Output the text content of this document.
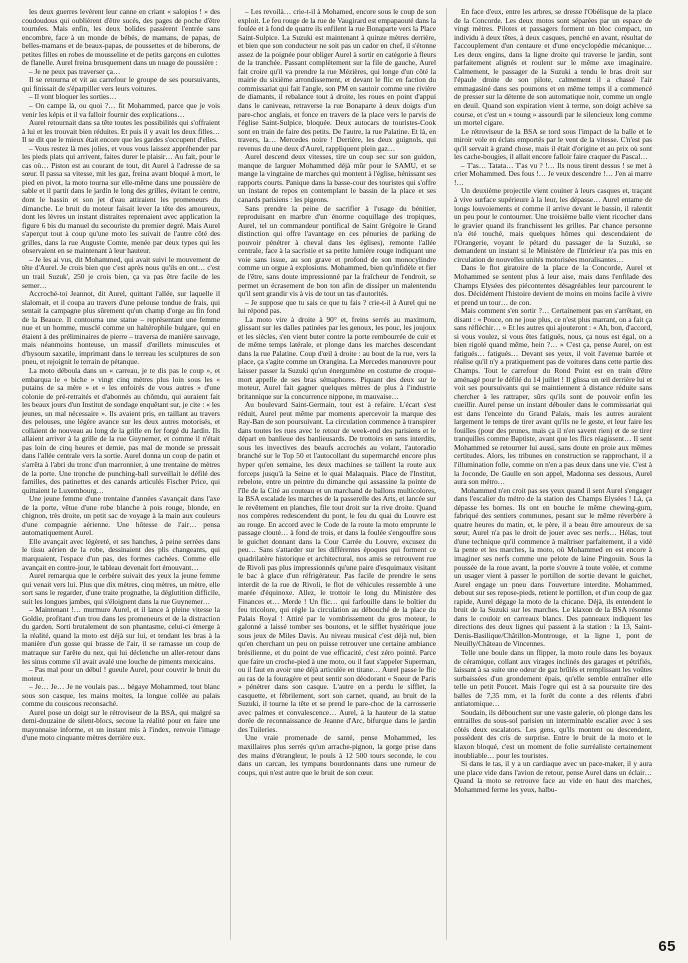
les deux guerres levèrent leur canne en criant « salopios ! » des coudoudous qui oublièrent d'être sucés, des pages de poche d'être tournées. Mais enfin, les deux bolides passèrent l'entrée sans encombre, face à un monde de bébés, de mamans, de papas, de belles-mamans et de beaux-papas, de poussettes et de biberons, de petites filles en robes de mousseline et de petits garçons en culottes de flanelle. Aurel freina brusquement dans un nuage de poussière :

– Je ne peux pas traverser ça…

Il se retourna et vit au carrefour le groupe de ses poursuivants, qui finissait de s'éparpiller vers leurs voitures.

– Il vont bloquer les sorties…

– On campe là, ou quoi ?… fit Mohammed, parce que je vois venir les képis et il va falloir fournir des explications…

Aurel retournait dans sa tête toutes les possibilités qui s'offraient à lui et les trouvait bien réduites. Et puis il y avait les deux filles… Il se dit que le mieux était encore que les gardes s'occupent d'elles.

– Vous restez là mes jolies, et vous vous laissez appréhender par les pieds plats qui arrivent, faites durer le plaisir… Au fait, pour le cas où… Piston est au courant de tout, dit Aurel à l'adresse de sa sœur. Il passa sa vitesse, mit les gaz, freina avant bloqué à mort, le pied en pivot, la moto tourna sur elle-même dans une poussière de sable et il partit dans le jardin le long des grilles, évitant le centre, dont le bassin et son jet d'eau attiraient les promeneurs du dimanche. Le bruit du moteur faisait lever la tête des amoureux, dont les lèvres un instant distraites reprenaient avec application la figure 6 bis du manuel du secouriste du premier degré. Mais Aurel s'aperçut tout à coup qu'une moto les suivait de l'autre côté des grilles, dans la rue Auguste Comte, menée par deux types qui les observaient en se maintenant à leur hauteur.

– Je les ai vus, dit Mohammed, qui avait suivi le mouvement de tête d'Aurel. Je crois bien que c'est après nous qu'ils en ont… c'est un trail Suzuk', 250 je crois bien, ça va pas être facile de les semer…

Accroché-toi Jeannot, dit Aurel, quittant l'allée, sur laquelle il slalomait, et il coupa au travers d'une pelouse tondue de frais, qui sentait la campagne plus sûrement qu'un champ d'orge au fin fond de la Beauce. Il contourna une statue – représentant une femme nue et un homme, musclé comme un haltérophile bulgare, qui en étaient à des préliminaires de pierre – traversa de manière sauvage, mais néanmoins honteuse, un massif d'œillets minuscules et d'hysoum saxatile, imprimant dans le terreau les sculptures de son pneu, et rejoignit le terrain de pétanque.

La moto déboula dans un « carreau, je te dis pas le coup », et embarqua le « biche » vingt cinq mètres plus loin sous les « putains de sa mère » et « les enfoirés de vous autres » d'une colonie de pré-retraités et d'abonnés au chômdu, qui auraient fait les beaux jours d'un Institut de sondage enquêtant sur, je cite : « les jeunes, un mal nécessaire ». Ils avaient pris, en taillant au travers des pelouses, une légère avance sur les deux autres motorisés, et collaient de nouveau au long de la grille en fer forgé du Jardin. Ils allaient arriver à la grille de la rue Guynemer, et comme il n'était pas loin de cinq heures et demie, pas mal de monde se pressait dans l'allée centrale vers la sortie. Aurel donna un coup de patin et s'arrêta à l'abri du tronc d'un marronnier, à une trentaine de mètres de la porte. Une tronche de punching-ball surveillait le défilé des familles, des patinettes et des canards articulés Fischer Price, qui quittaient le Luxembourg…

Une jeune femme d'une trentaine d'années s'avançait dans l'axe de la porte, vêtue d'une robe blanche à pois rouge, blonde, en chignon, très droite, un petit sac de voyage à la main aux couleurs d'une compagnie aérienne. Une hôtesse de l'air… pensa automatiquement Aurel.

Elle avançait avec légèreté, et ses hanches, à peine serrées dans le tissu aérien de la robe, dessinaient des plis changeants, qui marquaient, l'espace d'un pas, des formes cachées. Comme elle avançait en contre-jour, le tableau devenait fort émouvant…

Aurel remarqua que le cerbère suivait des yeux la jeune femme qui venait vers lui. Plus que dix mètres, cinq mètres, un mètre, elle sort sans le regarder, d'une traite prognathe, la déglutition difficile, suit les longues jambes, qui s'éloignent dans la rue Guynemer…

– Maintenant !… murmure Aurel, et il lance à pleine vitesse la Goldie, profitant d'un trou dans les promeneurs et de la distraction du garden. Sorti brutalement de son phantasme, celui-ci émerge à la réalité, quand la moto est déjà sur lui, et tendant les bras à la manière d'un gosse qui brasse de l'air, il se ramasse un coup de matraque sur l'arête du nez, qui lui déclenche un aller-retour dans les sinus comme s'il avait avalé une louche de piments mexicains.

– Pas mal pour un débul ! gueule Aurel, pour couvrir le bruit du moteur.

– Je… Je… Je ne voulais pas… bégaye Mohammed, tout blanc sous son casque, les mains moites, la longue collée au palais comme du couscous reconsaché.

Aurel pose un doigt sur le rétroviseur de la BSA, qui malgré sa demi-douzaine de silent-blocs, secoue la réalité pour en faire une mayonnaise informe, et un instant mis à l'index, renvoie l'image d'une moto cinquante mètres derrière eux.

– Les revoilà… crie-t-il à Mohamed, encore sous le coup de son exploit. Le feu rouge de la rue de Vaugirard est empapaouté dans la foulée et à fond de quatre ils enfilent la rue Bonaparte vers la Place Saint-Sulpice. La Suzuki est maintenant à quinze mètres derrière, et bien que son conducteur ne soit pas un cador en chef, il s'étonne assez de la poignée pour obliger Aurel à sortir en catégorie à fleurs de la tranchée. Passant complètement sur la file de gauche, Aurel fait croire qu'il va prendre la rue Mézières, qui longe d'un côté la mairie du sixième arrondissement, et devant le flic en faction du commissariat qui fait l'angle, son PM en sautoir comme une rivière de diamants, il rebalance tout à droite, les roues en point d'appui dans le caniveau, retraverse la rue Bonaparte à deux doigts d'un pare-choc anglais, et fonce en travers de la place vers le parvis de l'église Saint-Sulpice, bloquée. Deux autocars de touristes-Cook sont en train de faire des petits. De l'autre, la rue Palatine. Et là, en travers, la… Mercedes noire ! Derrière, les deux guignols, qui revenus du une deux d'Aurel, rappliquent plein gaz…

Aurel descend deux vitesses, tire un coup sec sur son guidon, manque de larguer Mohammed déjà mûr pour le SAMU, et se mange la vingtaine de marches qui montent à l'église, hénissant ses rapports courts. Panique dans la basse-cour des touristes qui s'offre un instant de repos en contemplant le bassin de la place et ses canards parisiens : les pigeons.

Sans prendre la peine de sacrifier à l'usage du bénitier, reproduisant en marbre d'un énorme coquillage des tropiques, Aurel, tel un commandeur pontifical de Saint Grégoire le Grand distinction qui offre l'avantage en ces pénuries de parking de pouvoir pénétrer à cheval dans les églises), remonte l'allée centrale, face à la sacristie et sa petite lumière rouge indiquant une voie sans issue, au son grave et profond de son monocylindre comme un orgue à explosions. Mohammed, bien qu'infidèle et fier de l'être, sans doute impressionné par la fraîcheur de l'endroit, se permet un écrasement de bon ton afin de dissiper un malentendu qu'il sent grandir vis à vis de tout un tas d'autorités.

– Je suppose que tu sais ce que tu fais ? crie-t-il à Aurel qui ne lui répond pas.

La moto vire à droite à 90° et, freins serrés au maximum, glissant sur les dalles patinées par les genoux, les pouc, les joujoux et les siècles, s'en vient buter contre la porte rembourrée de cuir et de même temps latérale, et plonge dans les marches descendant dans la rue Palatine. Coup d'œil à droite : au bout de la rue, vers la place, ça s'agite comme un Orangina. La Mercedes manœuvre pour laisser passer la Suzuki qu'un énergumène en costume de croque-mort appelle de ses bras sémaphores. Piquant des deux sur le moteur, Aurel fait gagner quelques mètres de plus à l'industrie britannique sur la concurrence nippone, m mauvaise…

Au boulevard Saint-Germain, tout est à refaire. L'écart s'est réduit, Aurel peut même par moments apercevoir la marque des Ray-Ban de son poursuivant. La circulation commence à transpirer dans toutes les rues avec le retour de week-end des parisiens et le départ en banlieue des banlieusards. De trottoirs en sens interdits, sous les invectives des beaufs accrochés au volant, l'autoradio branché sur le Top 50 et l'autocollant du supermarché encore plus hyper qu'en semaine, les deux machines se taillent la route aux forceps jusqu'à la Seine et le quai Malaquais. Place de l'Institut, rebelote, entre un peintre du dimanche qui assassine la pointe de l'île de la Cité au couteau et un marchand de ballons multicolores, la BSA escalade les marches de la passerelle des Arts, et lancée sur le revêtement en planches, file tout droit sur la rive droite. Quand nos compères redescendent du pont, le feu du quai du Louvre est au rouge. En accord avec le Code de la route la moto emprunte le passage clouté… à fond de trois, et dans la foulée s'engouffre sous le guichet donnant dans la Cour Carrée du Louvre, excusez du peu… Sans s'attarder sur les différentes époques qui forment ce quadrilatère historique et architectural, nos amis se retrouvent rue de Rivoli pas plus impressionnés qu'une paire d'esquimaux visitant le bac à glace d'un réfrigérateur. Pas facile de prendre le sens interdit de la rue de Rivoli, le flot de véhicules ressemble à une marée d'équinoxe. Allez, le trottoir le long du Ministère des Finances et… Merde ! Un flic… qui farfouille dans le boîtier du feu tricolore, qui règle la circulation au débouché de la place du Palais Royal ! Attiré par le vombrissement du gros moteur, le galonné a laissé tomber ses boutons, et le sifflet hystérique joue sous jeux de Miles Davis. Au niveau musical c'est déjà nul, bien qu'en cherchant un peu on puisse retrouver une certaine ambiance brésilienne, et du point de vue efficacité, c'est zéro pointé. Parce que faire un croche-pied à une moto, ou il faut s'appeler Superman, ou il faut en avoir une déjà articulée en titane… Aurel passe le flic au ras de la fouragère et peut sentir son déodorant « Sueur de Paris » pénétrer dans son casque. L'autre en a perdu le sifflet, la casquette, et fébrilement, sort son carnet, quand, au bruit de la Suzuki, il tourne la tête et se prend le pare-choc de la carrosserie avec palmes et convalescence… Aurel, à la hauteur de la statue dorée de reconnaissance de Jeanne d'Arc, bifurque dans le jardin des Tuileries.

Une vraie promenade de santé, pense Mohammed, les maxillaires plus serrés qu'un arrache-pignon, la gorge prise dans des mains d'étrangleur, le pouls à 12 500 tours seconde, le cou dans un carcan, les tympans bourdonnants dans une rumeur de coups, qui n'est autre que le bruit de son cœur.

En face d'eux, entre les arbres, se dresse l'Obélisque de la place de la Concorde. Les deux motos sont séparées par un espace de vingt mètres. Pilotes et passagers forment un bloc compact, un individu à deux têtes, à deux casques, penché en avant, résultat de l'accouplement d'un centaure et d'une encyclopédie mécanique… Les deux engins, dans la ligne droite qui traverse le jardin, sont parfaitement alignés et roulent sur le même axe imaginaire. Calmement, le passager de la Suzuki a tendu le bras droit sur l'épaule droite de son pilote, calmement il a chassé l'air emmagasiné dans ses poumons et en même temps il a commencé de presser sur la détente de son automatique noir, comme un ongle en deuil. Quand son expiration vient à terme, son doigt achève sa course, et c'est un « toung » assourdi par le silencieux long comme un mortel cigare.

Le rétroviseur de la BSA se tord sous l'impact de la balle et le miroir vole en éclats emportés par le vent de la vitesse. C'n'est pas qu'il servait à grand chose, mais il était d'origine et au prix où sont les cache-bougies, il allait encore falloir faire craquer du Pascal…

– T'as… Tatata… T'as vu ? !… Ils nous tirent dessus ! se met à crier Mohammed. Des fous !… Je veux descendre !… J'en ai marre !…

Un deuxième projectile vient couiner à leurs casques et, traçant à vive surface supérieure à la leur, les dépasse… Aurel entame de longs louvoiements et comme il arrive devant le bassin, il ralentit un peu pour le contourner. Une troisième balle vient ricocher dans le gravier quand ils franchissent les grilles. Par chance personne n'a été touché, mais quelques hômes qui descendaient de l'Orangerie, voyant le pétard du passager de la Suzuki, se demandent un instant si le Ministère de l'Intérieur n'a pas mis en circulation de nouvelles unités motorisées moralisantes…

Dans le flot giratoire de la place de la Concorde, Aurel et Mohammed se sentent plus à leur aise, mais dans l'enfilade des Champs Elysées des piécontentes désagréables leur parcourent le dos. Décidément l'histoire devient de moins en moins facile à vivre et prend un tour… de con.

Mais comment s'en sortir ?… Certainement pas en s'arrêtant, en disant : « Pouce, on ne joue plus, ce n'est plus marrant, on a fait ça sans réfléchir… » Et les autres qui ajouteront : « Ah, bon, d'accord, si vous voulez, si vous êtes fatigués, nous, ça nous est égal, on a bien rigolé quand même, hein ?… » C'est ça, pense Aurel, on est fatigués… fatigués… Devant ses yeux, il voit l'avenue barrée et réalise qu'il n'y a pratiquement pas de voitures dans cette partie des Champs. Tout le carrefour du Rond Point est en train d'être aménagé pour le défilé du 14 juillet ! Il glissa un œil derrière lui et voit ses poursuivants qui se maintiennent à distance réduite sans chercher à les rattraper, sûrs qu'ils sont de pouvoir enfin les cueillir. Aurel pense un instant débouler dans le commissariat qui est dans l'enceinte du Grand Palais, mais les autres auraient largement le temps de tirer avant qu'ils ne le geste, et leur faire les fouilles (pour des prunes, mais ça il n'en savent rien) et de se tirer tranquilles comme Baptiste, avant que les flics réagissent… Il sent Mohammed se retourner lui aussi, sans doute en proie aux mêmes certitudes. Alors, les tribunes en construction se rapprochant, il a l'illumination folle, comme on n'en a pas deux dans une vie. C'est à la Joconde, De Gaulle en son appel, Madonna ses dessous, Aurel aura son métro…

Mohammed n'en croit pas ses yeux quand il sent Aurel s'engager dans l'escalier du métro de la station des Champs Elysées ! Là, ça dépasse les bornes. Ils ont en bouche le même chewing-gum, fabriqué des sentiers communes, pesant sur le même réverbère à quatre heures du matin, et, le père, il a beau être amoureux de sa sœur, Aurel n'a pas le droit de jouer avec ses nerfs… Hélas, tout d'une technique qu'il commence à maîtriser parfaitement, il a vidé la pente et les marches, la moto, où Mohammed en est encore à imaginer ses nerfs comme une pelote de laine Pingouin. Sous la poussée de la roue avant, la porte s'ouvre à toute volée, et comme un usager vient à passer le portillon de sortie devant le guichet, Aurel engage un pneu dans l'ouverture interdite. Mohammed, debout sur ses repose-pieds, retient le portillon, et d'un coup de gaz rapide, Aurel dégage la moto de la chicane. Déjà, ils entendent le bruit de la Suzuki sur les marches. Le klaxon de la BSA résonne dans le couloir en carreaux blancs. Des panneaux indiquent les directions des deux lignes qui passent à la station : la 13, Saint-Denis-Basilique/Châtillon-Montrouge, et la ligne 1, pont de Neuilly/Château de Vincennes.

Telle une boule dans un flipper, la moto roule dans les boyaux de céramique, collant aux virages inclinés des garages et pétrifiés, laissant à sa suite une odeur de gaz brûlés et remplissant les voûtes surbaissées d'un grondement épais, qu'elle semble entraîner elle telle un petit Poucet. Mais l'ogre qui est à sa poursuite tire des balles de 7,35 mm, et la forêt du conte a des rélents d'abri antiatomique…

Soudain, ils débouchent sur une vaste galerie, où plonge dans les entrailles du sous-sol parisien un interminable escalier avec à ses côtés deux escalators. Les gens, qu'ils montent ou descendent, possèdent des cris de surprise. Entre le bruit de la moto et le klaxon bloqué, c'est un moment de folie surréaliste certainement inoubliable… pour les touristes.

Si dans le tas, il y a un cardiaque avec un pace-maker, il y aura une place vide dans l'avion de retour, pense Aurel dans un éclair… Quand la moto se retrouve face au vide en haut des marches, Mohammed ferme les yeux, halbu-

65
